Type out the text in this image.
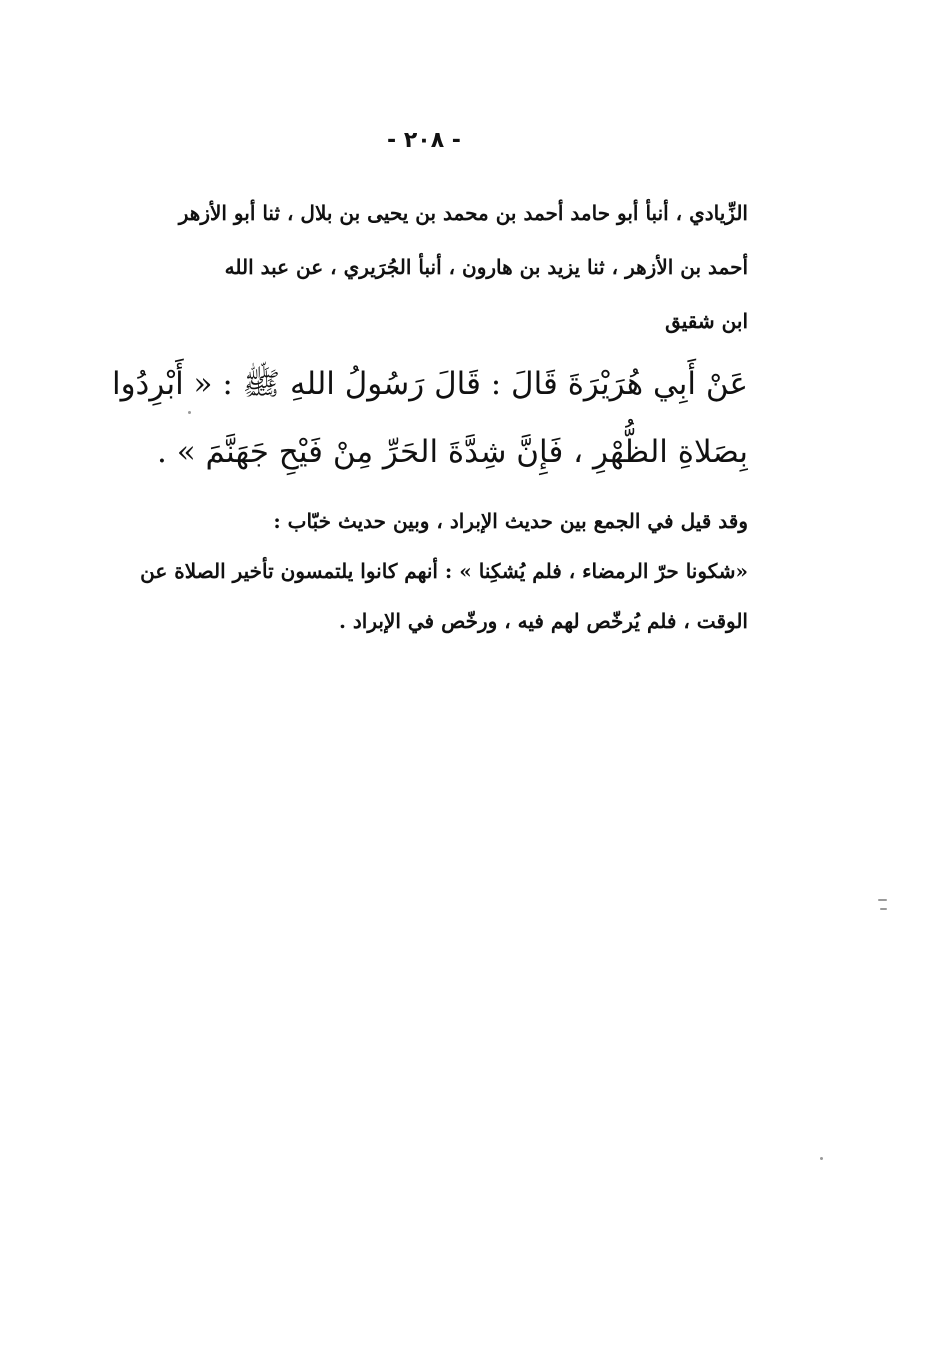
- ٢٠٨ -
الزِّيادي ، أنبأ أبو حامد أحمد بن محمد بن يحيى بن بلال ، ثنا أبو الأزهر
أحمد بن الأزهر ، ثنا يزيد بن هارون ، أنبأ الجُرَيري ، عن عبد الله
ابن شقيق
عَنْ أَبِي هُرَيْرَةَ قَالَ : قَالَ رَسُولُ اللهِ ﷺ : « أَبْرِدُوا
بِصَلاةِ الظُّهْرِ ، فَإِنَّ شِدَّةَ الحَرِّ مِنْ فَيْحِ جَهَنَّمَ » .
وقد قيل في الجمع بين حديث الإبراد ، وبين حديث خبّاب :
«شكونا حرّ الرمضاء ، فلم يُشكِنا » : أنهم كانوا يلتمسون تأخير الصلاة عن
الوقت ، فلم يُرخّص لهم فيه ، ورخّص في الإبراد .
